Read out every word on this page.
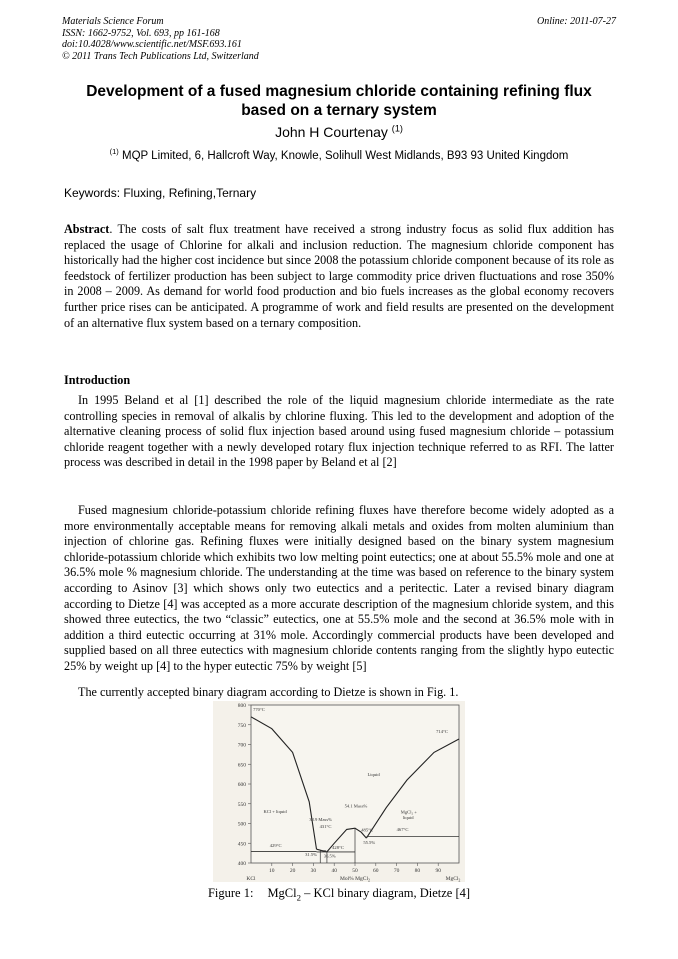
Materials Science Forum
ISSN: 1662-9752, Vol. 693, pp 161-168
doi:10.4028/www.scientific.net/MSF.693.161
© 2011 Trans Tech Publications Ltd, Switzerland
Online: 2011-07-27
Development of a fused magnesium chloride containing refining flux
based on a ternary system
John H Courtenay $^{(1)}$
$^{(1)}$ MQP Limited, 6, Hallcroft Way, Knowle, Solihull West Midlands, B93 93 United Kingdom
Keywords: Fluxing, Refining,Ternary
Abstract. The costs of salt flux treatment have received a strong industry focus as solid flux addition has replaced the usage of Chlorine for alkali and inclusion reduction. The magnesium chloride component has historically had the higher cost incidence but since 2008 the potassium chloride component because of its role as feedstock of fertilizer production has been subject to large commodity price driven fluctuations and rose 350% in 2008 – 2009. As demand for world food production and bio fuels increases as the global economy recovers further price rises can be anticipated. A programme of work and field results are presented on the development of an alternative flux system based on a ternary composition.
Introduction
In 1995 Beland et al [1] described the role of the liquid magnesium chloride intermediate as the rate controlling species in removal of alkalis by chlorine fluxing. This led to the development and adoption of the alternative cleaning process of solid flux injection based around using fused magnesium chloride – potassium chloride reagent together with a newly developed rotary flux injection technique referred to as RFI. The latter process was described in detail in the 1998 paper by Beland et al [2]
Fused magnesium chloride-potassium chloride refining fluxes have therefore become widely adopted as a more environmentally acceptable means for removing alkali metals and oxides from molten aluminium than injection of chlorine gas. Refining fluxes were initially designed based on the binary system magnesium chloride-potassium chloride which exhibits two low melting point eutectics; one at about 55.5% mole and one at 36.5% mole % magnesium chloride. The understanding at the time was based on reference to the binary system according to Asinov [3] which shows only two eutectics and a peritectic. Later a revised binary diagram according to Dietze [4] was accepted as a more accurate description of the magnesium chloride system, and this showed three eutectics, the two “classic” eutectics, one at 55.5% mole and the second at 36.5% mole with in addition a third eutectic occurring at 31% mole. Accordingly commercial products have been developed and supplied based on all three eutectics with magnesium chloride contents ranging from the slightly hypo eutectic 25% by weight up [4] to the hyper eutectic 75% by weight [5]
The currently accepted binary diagram according to Dietze is shown in Fig. 1.
400
450
500
550
600
650
700
750
800
10	20	30	40	50	60	70	80	90
KCl	MgCl$_2$
Mol% MgCl$_2$
770°C
714°C
Liquid
KCl + liquid
38.9 Mass%
431°C
54.1 Mass%
MgCl₂ +
liquid
467°C
485°C
55.5%
429°C	428°C
31.5% 36.5%
Figure 1: MgCl$_2$ – KCl binary diagram, Dietze [4]
